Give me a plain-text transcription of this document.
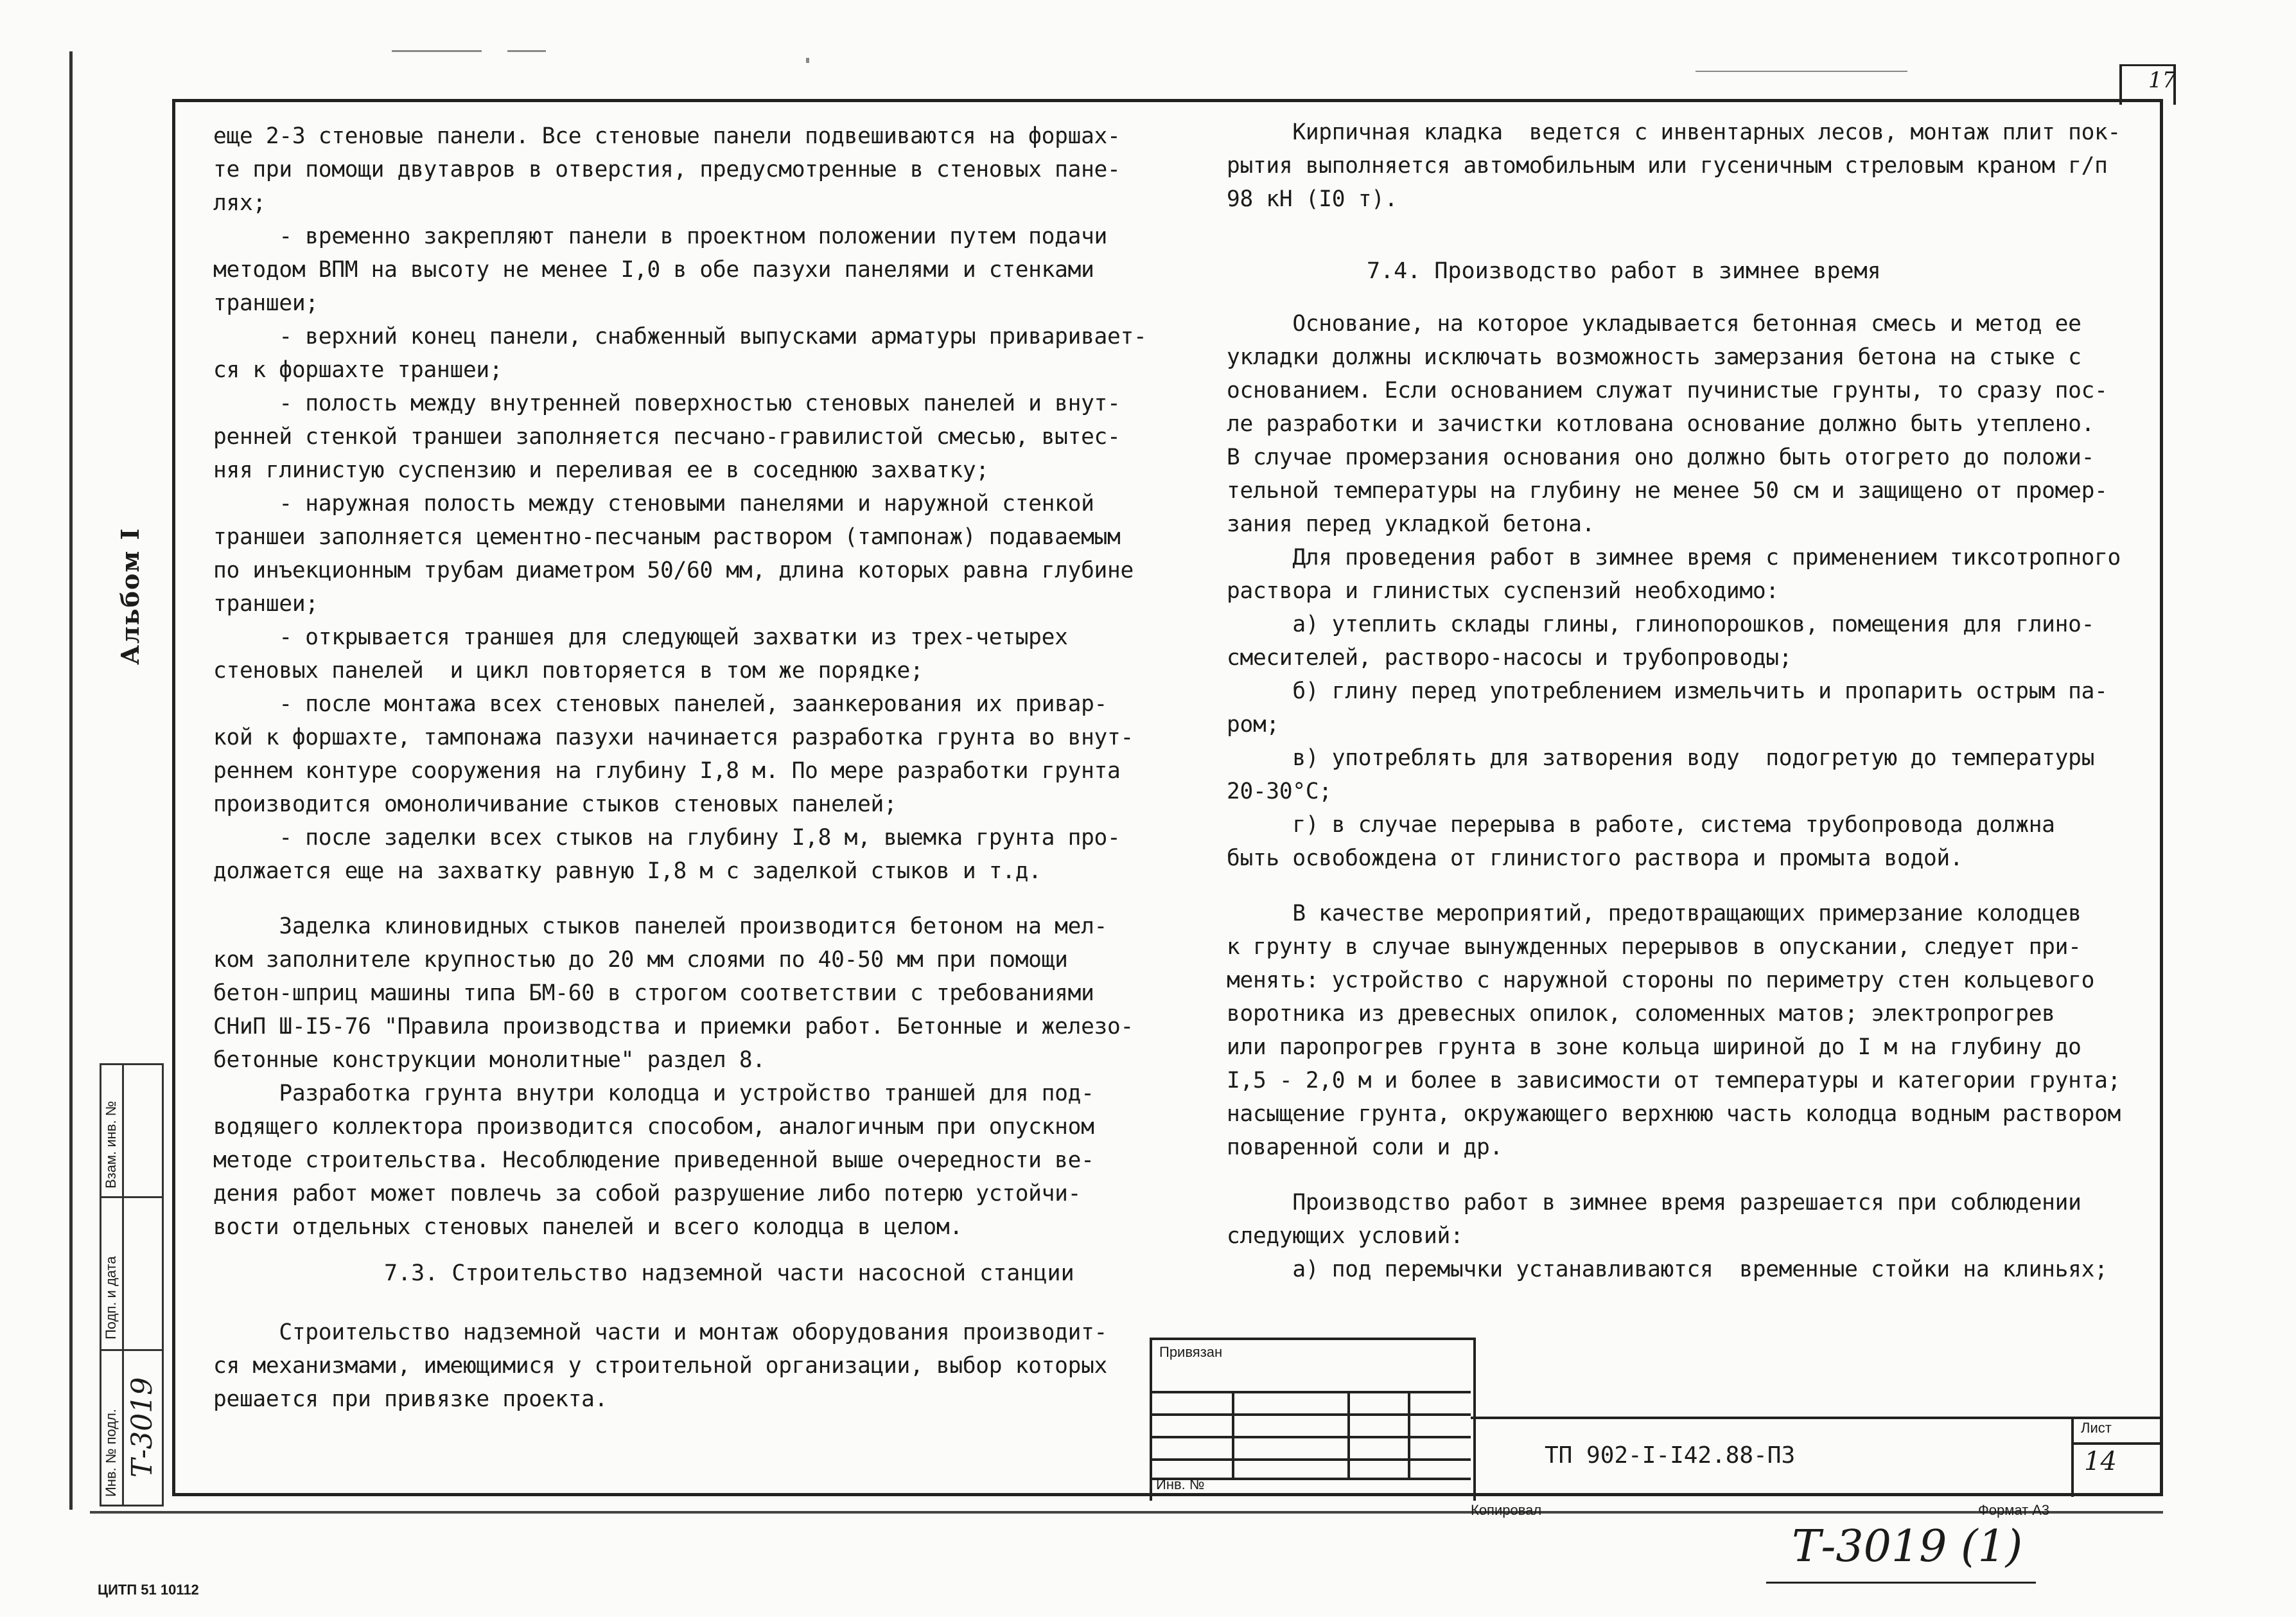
17

еще 2-3 стеновые панели. Все стеновые панели подвешиваются на форшах-

те при помощи двутавров в отверстия, предусмотренные в стеновых пане-

лях;

- временно закрепляют панели в проектном положении путем подачи

методом ВПМ на высоту не менее I,0 в обе пазухи панелями и стенками

траншеи;

- верхний конец панели, снабженный выпусками арматуры приваривает-

ся к форшахте траншеи;

- полость между внутренней поверхностью стеновых панелей и внут-

ренней стенкой траншеи заполняется песчано-гравилистой смесью, вытес-

няя глинистую суспензию и переливая ее в соседнюю захватку;

- наружная полость между стеновыми панелями и наружной стенкой

траншеи заполняется цементно-песчаным раствором (тампонаж) подаваемым

по инъекционным трубам диаметром 50/60 мм, длина которых равна глубине

траншеи;

- открывается траншея для следующей захватки из трех-четырех

стеновых панелей  и цикл повторяется в том же порядке;

- после монтажа всех стеновых панелей, заанкерования их привар-

кой к форшахте, тампонажа пазухи начинается разработка грунта во внут-

реннем контуре сооружения на глубину I,8 м. По мере разработки грунта

производится омоноличивание стыков стеновых панелей;

- после заделки всех стыков на глубину I,8 м, выемка грунта про-

должается еще на захватку равную I,8 м с заделкой стыков и т.д.

Заделка клиновидных стыков панелей производится бетоном на мел-

ком заполнителе крупностью до 20 мм слоями по 40-50 мм при помощи

бетон-шприц машины типа БМ-60 в строгом соответствии с требованиями

СНиП Ш-I5-76 "Правила производства и приемки работ. Бетонные и железо-

бетонные конструкции монолитные" раздел 8.

Разработка грунта внутри колодца и устройство траншей для под-

водящего коллектора производится способом, аналогичным при опускном

методе строительства. Несоблюдение приведенной выше очередности ве-

дения работ может повлечь за собой разрушение либо потерю устойчи-

вости отдельных стеновых панелей и всего колодца в целом.

7.3. Строительство надземной части насосной станции

Строительство надземной части и монтаж оборудования производит-

ся механизмами, имеющимися у строительной организации, выбор которых

решается при привязке проекта.

Кирпичная кладка  ведется с инвентарных лесов, монтаж плит пок-

рытия выполняется автомобильным или гусеничным стреловым краном г/п

98 кН (I0 т).

7.4. Производство работ в зимнее время

Основание, на которое укладывается бетонная смесь и метод ее

укладки должны исключать возможность замерзания бетона на стыке с

основанием. Если основанием служат пучинистые грунты, то сразу пос-

ле разработки и зачистки котлована основание должно быть утеплено.

В случае промерзания основания оно должно быть отогрето до положи-

тельной температуры на глубину не менее 50 см и защищено от промер-

зания перед укладкой бетона.

Для проведения работ в зимнее время с применением тиксотропного

раствора и глинистых суспензий необходимо:

а) утеплить склады глины, глинопорошков, помещения для глино-

смесителей, растворо-насосы и трубопроводы;

б) глину перед употреблением измельчить и пропарить острым па-

ром;

в) употреблять для затворения воду  подогретую до температуры

20-30°С;

г) в случае перерыва в работе, система трубопровода должна

быть освобождена от глинистого раствора и промыта водой.

В качестве мероприятий, предотвращающих примерзание колодцев

к грунту в случае вынужденных перерывов в опускании, следует при-

менять: устройство с наружной стороны по периметру стен кольцевого

воротника из древесных опилок, соломенных матов; электропрогрев

или паропрогрев грунта в зоне кольца шириной до I м на глубину до

I,5 - 2,0 м и более в зависимости от температуры и категории грунта;

насыщение грунта, окружающего верхнюю часть колодца водным раствором

поваренной соли и др.

Производство работ в зимнее время разрешается при соблюдении

следующих условий:

а) под перемычки устанавливаются  временные стойки на клиньях;

Альбом I
Взам. инв. №
Подп. и дата
Инв. № подл. Т-3019
Привязан
Инв. №
ТП 902-I-I42.88-ПЗ
Лист
14
Копировал	Формат А3
Т-3019 (1)
ЦИТП 51 10112
